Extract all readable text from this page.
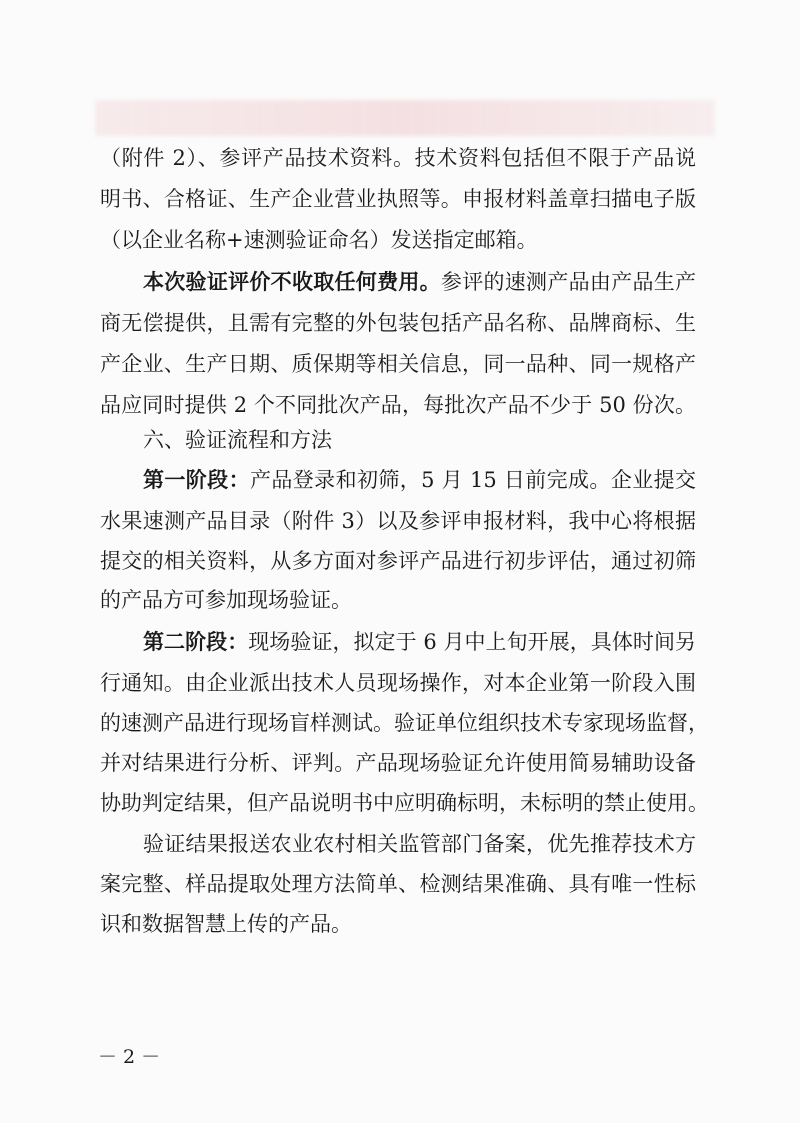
（附件 2）、参评产品技术资料。技术资料包括但不限于产品说
明书、合格证、生产企业营业执照等。申报材料盖章扫描电子版
（以企业名称+速测验证命名）发送指定邮箱。
本次验证评价不收取任何费用。参评的速测产品由产品生产
商无偿提供，且需有完整的外包装包括产品名称、品牌商标、生
产企业、生产日期、质保期等相关信息，同一品种、同一规格产
品应同时提供 2 个不同批次产品，每批次产品不少于 50 份次。
六、验证流程和方法
第一阶段：产品登录和初筛，5 月 15 日前完成。企业提交
水果速测产品目录（附件 3）以及参评申报材料，我中心将根据
提交的相关资料，从多方面对参评产品进行初步评估，通过初筛
的产品方可参加现场验证。
第二阶段：现场验证，拟定于 6 月中上旬开展，具体时间另
行通知。由企业派出技术人员现场操作，对本企业第一阶段入围
的速测产品进行现场盲样测试。验证单位组织技术专家现场监督，
并对结果进行分析、评判。产品现场验证允许使用简易辅助设备
协助判定结果，但产品说明书中应明确标明，未标明的禁止使用。
验证结果报送农业农村相关监管部门备案，优先推荐技术方
案完整、样品提取处理方法简单、检测结果准确、具有唯一性标
识和数据智慧上传的产品。
－ 2 －
